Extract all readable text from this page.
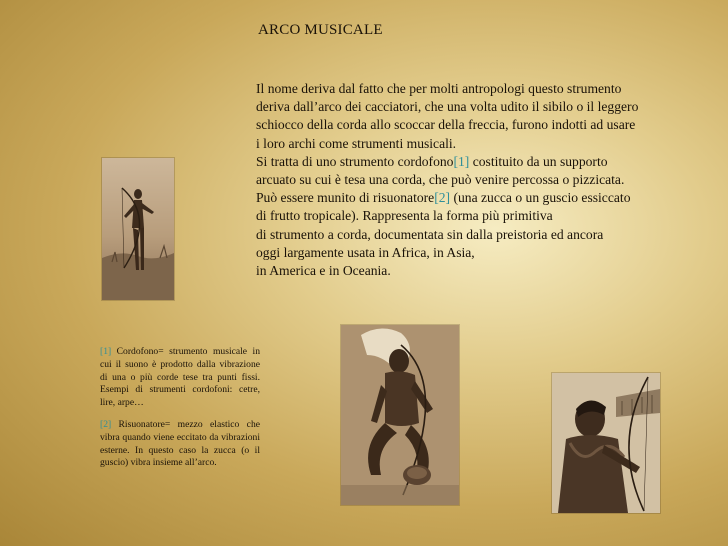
ARCO MUSICALE
Il nome deriva dal fatto che per molti antropologi questo strumento
deriva dall’arco dei cacciatori, che una volta udito il sibilo o il leggero
schiocco della corda allo scoccar della freccia, furono indotti ad usare
i loro archi come strumenti musicali.
Si tratta di uno strumento cordofono[1] costituito da un supporto
arcuato su cui è tesa una corda, che può venire percossa o pizzicata.
Può essere munito di risuonatore[2] (una zucca o un guscio essiccato
di frutto tropicale). Rappresenta la forma più primitiva
di strumento a corda, documentata sin dalla preistoria ed ancora
oggi largamente usata in Africa, in Asia,
in America e in Oceania.
[1] Cordofono= strumento musicale in cui il suono è prodotto dalla vibrazione di una o più corde tese tra punti fissi. Esempi di strumenti cordofoni: cetre, lire, arpe…
[2] Risuonatore= mezzo elastico che vibra quando viene eccitato da vibrazioni esterne. In questo caso la zucca (o il guscio) vibra insieme all’arco.
